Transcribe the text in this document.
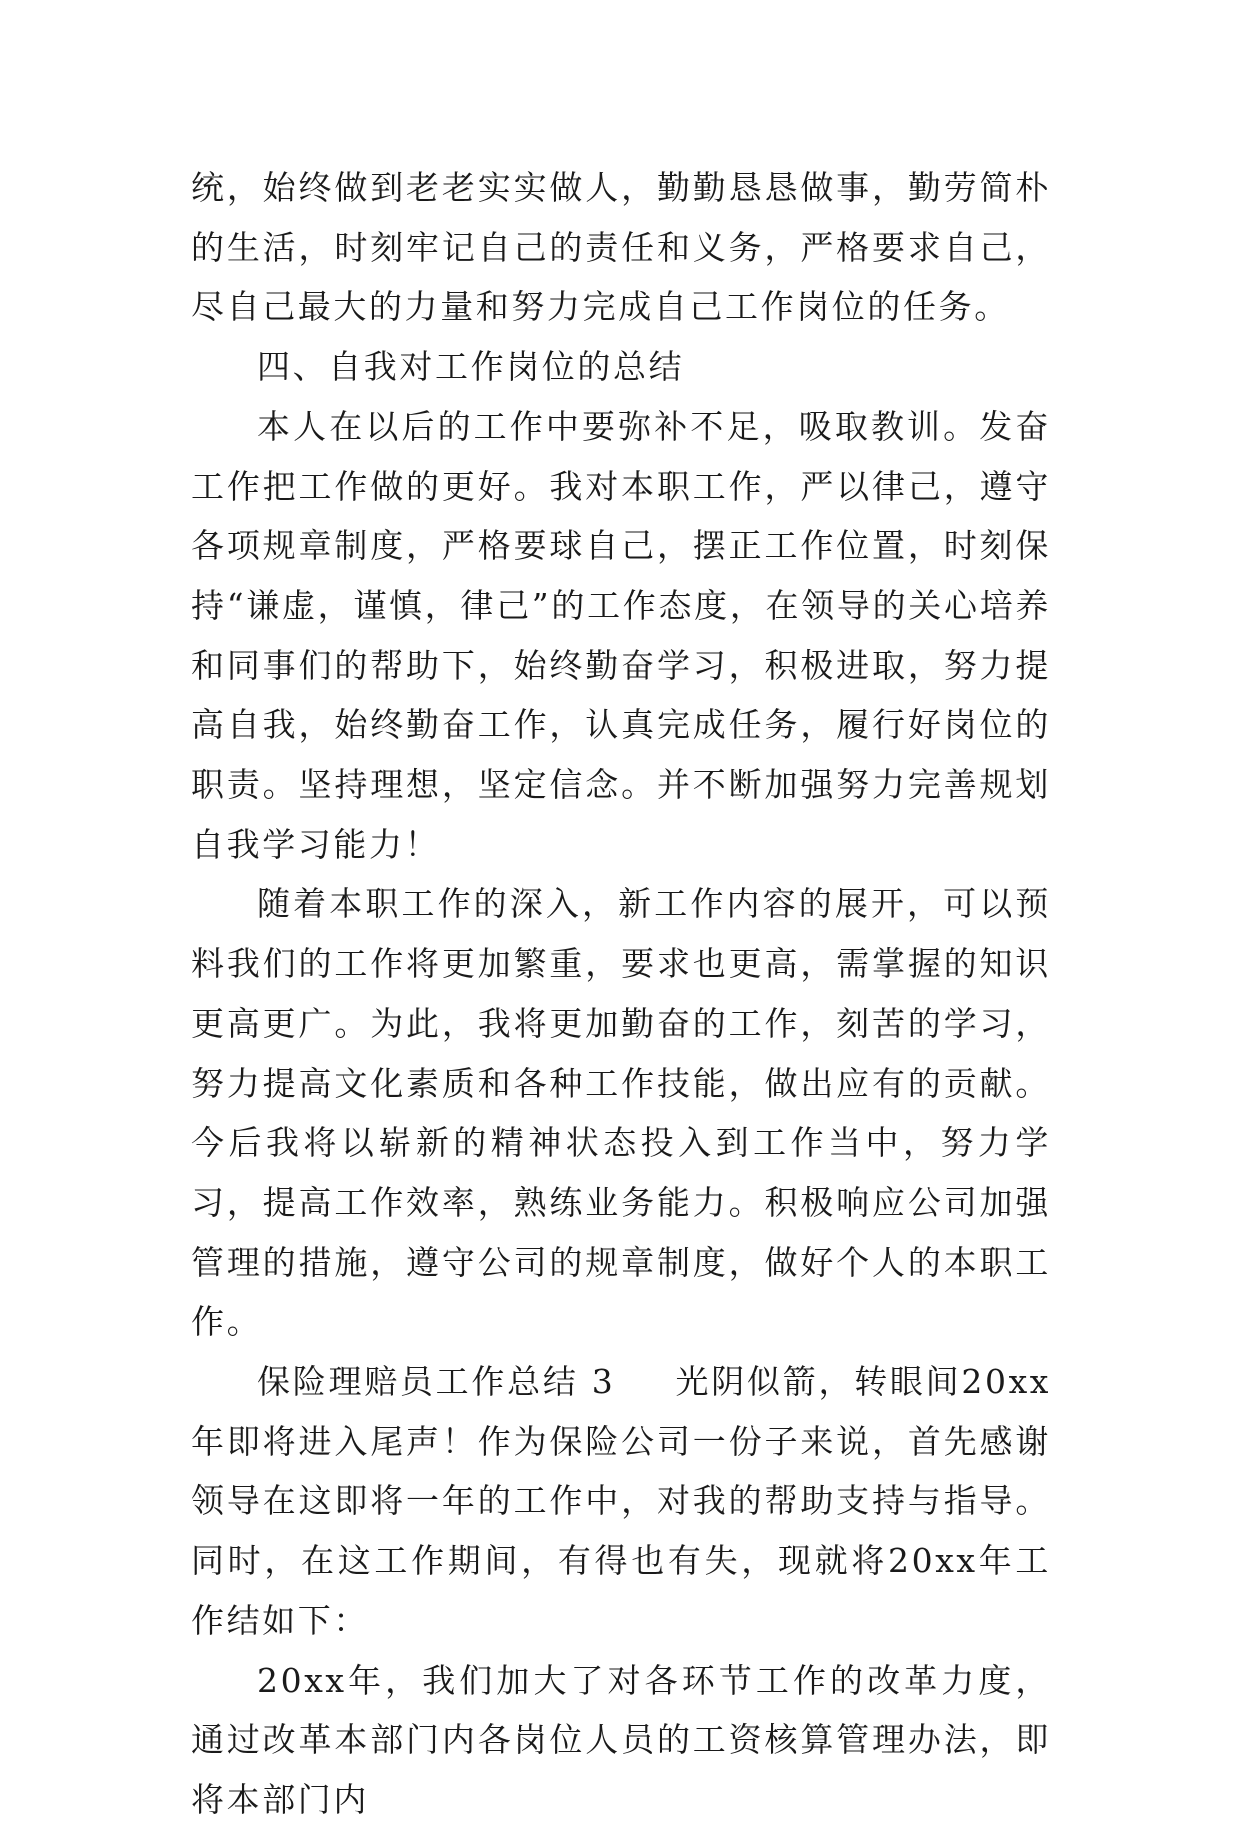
统，始终做到老老实实做人，勤勤恳恳做事，勤劳简朴的生活，时刻牢记自己的责任和义务，严格要求自己，尽自己最大的力量和努力完成自己工作岗位的任务。

四、自我对工作岗位的总结

本人在以后的工作中要弥补不足，吸取教训。发奋工作把工作做的更好。我对本职工作，严以律己，遵守各项规章制度，严格要球自己，摆正工作位置，时刻保持“谦虚，谨慎，律己”的工作态度，在领导的关心培养和同事们的帮助下，始终勤奋学习，积极进取，努力提高自我，始终勤奋工作，认真完成任务，履行好岗位的职责。坚持理想，坚定信念。并不断加强努力完善规划自我学习能力！

随着本职工作的深入，新工作内容的展开，可以预料我们的工作将更加繁重，要求也更高，需掌握的知识更高更广。为此，我将更加勤奋的工作，刻苦的学习，努力提高文化素质和各种工作技能，做出应有的贡献。今后我将以崭新的精神状态投入到工作当中，努力学习，提高工作效率，熟练业务能力。积极响应公司加强管理的措施，遵守公司的规章制度，做好个人的本职工作。

保险理赔员工作总结 3 光阴似箭，转眼间20xx年即将进入尾声！作为保险公司一份子来说，首先感谢领导在这即将一年的工作中，对我的帮助支持与指导。同时，在这工作期间，有得也有失，现就将20xx年工作结如下：

20xx年，我们加大了对各环节工作的改革力度，通过改革本部门内各岗位人员的工资核算管理办法，即将本部门内
